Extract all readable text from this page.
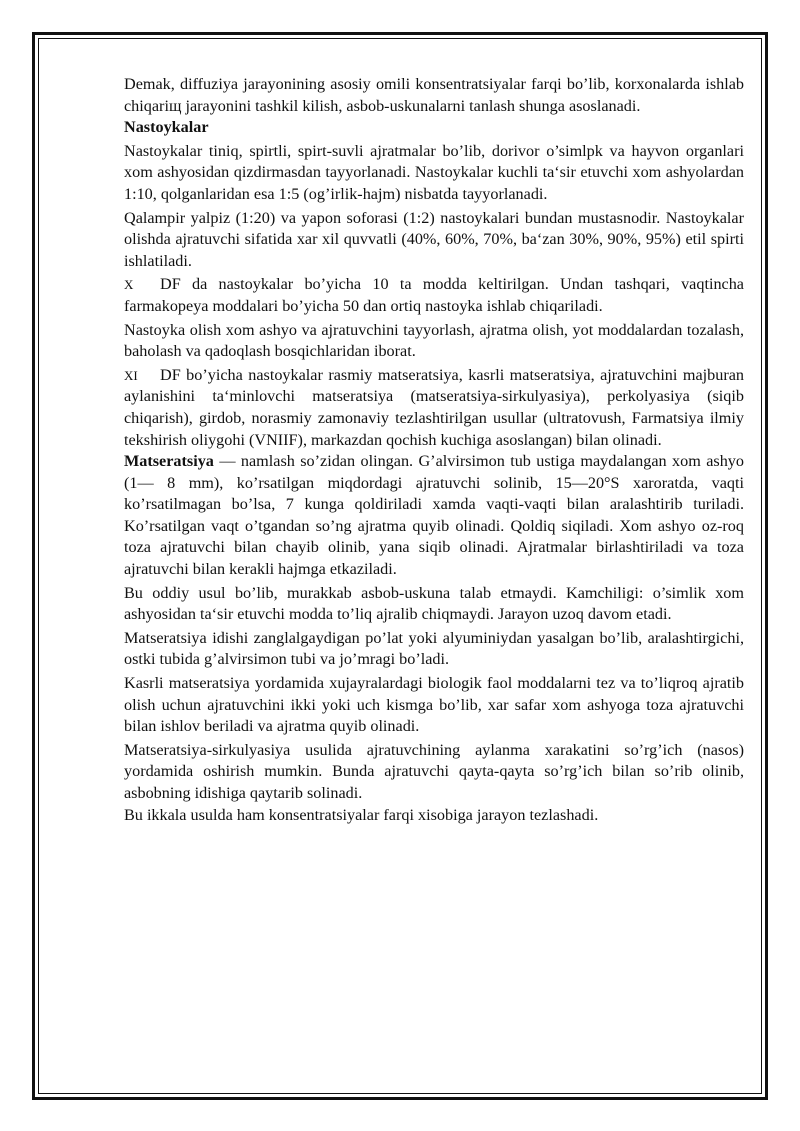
Demak, diffuziya jarayonining asosiy omili konsentratsiyalar farqi bo’lib, korxonalarda ishlab chiqariщ jarayonini tashkil kilish, asbob-uskunalarni tanlash shunga asoslanadi.

Nastoykalar

Nastoykalar tiniq, spirtli, spirt-suvli ajratmalar bo’lib, dorivor o’simlpk va hayvon organlari xom ashyosidan qizdirmasdan tayyorlanadi. Nastoykalar kuchli ta‘sir etuvchi xom ashyolardan 1:10, qolganlaridan esa 1:5 (og’irlik-hajm) nisbatda tayyorlanadi.

Qalampir yalpiz (1:20) va yapon soforasi (1:2) nastoykalari bundan mustasnodir. Nastoykalar olishda ajratuvchi sifatida xar xil quvvatli (40%, 60%, 70%, ba‘zan 30%, 90%, 95%) etil spirti ishlatiladi.

X DF da nastoykalar bo’yicha 10 ta modda keltirilgan. Undan tashqari, vaqtincha farmakopeya moddalari bo’yicha 50 dan ortiq nastoyka ishlab chiqariladi.

Nastoyka olish xom ashyo va ajratuvchini tayyorlash, ajratma olish, yot moddalardan tozalash, baholash va qadoqlash bosqichlaridan iborat.

XI DF bo’yicha nastoykalar rasmiy matseratsiya, kasrli matseratsiya, ajratuvchini majburan aylanishini ta‘minlovchi matseratsiya (matseratsiya-sirkulyasiya), perkolyasiya (siqib chiqarish), girdob, norasmiy zamonaviy tezlashtirilgan usullar (ultratovush, Farmatsiya ilmiy tekshirish oliygohi (VNIIF), markazdan qochish kuchiga asoslangan) bilan olinadi.

Matseratsiya — namlash so’zidan olingan. G’alvirsimon tub ustiga maydalangan xom ashyo (1— 8 mm), ko’rsatilgan miqdordagi ajratuvchi solinib, 15—20°S xaroratda, vaqti ko’rsatilmagan bo’lsa, 7 kunga qoldiriladi xamda vaqti-vaqti bilan aralashtirib turiladi. Ko’rsatilgan vaqt o’tgandan so’ng ajratma quyib olinadi. Qoldiq siqiladi. Xom ashyo oz-roq toza ajratuvchi bilan chayib olinib, yana siqib olinadi. Ajratmalar birlashtiriladi va toza ajratuvchi bilan kerakli hajmga etkaziladi.

Bu oddiy usul bo’lib, murakkab asbob-uskuna talab etmaydi. Kamchiligi: o’simlik xom ashyosidan ta‘sir etuvchi modda to’liq ajralib chiqmaydi. Jarayon uzoq davom etadi.

Matseratsiya idishi zanglalgaydigan po’lat yoki alyuminiydan yasalgan bo’lib, aralashtirgichi, ostki tubida g’alvirsimon tubi va jo’mragi bo’ladi.

Kasrli matseratsiya yordamida xujayralardagi biologik faol moddalarni tez va to’liqroq ajratib olish uchun ajratuvchini ikki yoki uch kismga bo’lib, xar safar xom ashyoga toza ajratuvchi bilan ishlov beriladi va ajratma quyib olinadi.

Matseratsiya-sirkulyasiya usulida ajratuvchining aylanma xarakatini so’rg’ich (nasos) yordamida oshirish mumkin. Bunda ajratuvchi qayta-qayta so’rg’ich bilan so’rib olinib, asbobning idishiga qaytarib solinadi.

Bu ikkala usulda ham konsentratsiyalar farqi xisobiga jarayon tezlashadi.
